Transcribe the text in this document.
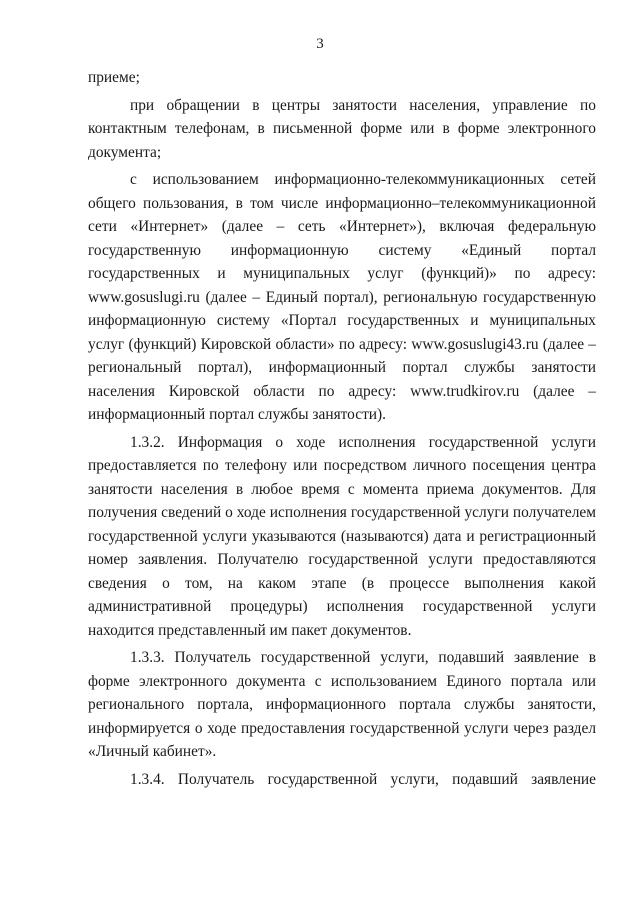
3

приеме;

при обращении в центры занятости населения, управление по контактным телефонам, в письменной форме или в форме электронного документа;

с использованием информационно-телекоммуникационных сетей общего пользования, в том числе информационно–телекоммуникационной сети «Интернет» (далее – сеть «Интернет»), включая федеральную государственную информационную систему «Единый портал государственных и муниципальных услуг (функций)» по адресу: www.gosuslugi.ru (далее – Единый портал), региональную государственную информационную систему «Портал государственных и муниципальных услуг (функций) Кировской области» по адресу: www.gosuslugi43.ru (далее – региональный портал), информационный портал службы занятости населения Кировской области по адресу: www.trudkirov.ru (далее – информационный портал службы занятости).

1.3.2. Информация о ходе исполнения государственной услуги предоставляется по телефону или посредством личного посещения центра занятости населения в любое время с момента приема документов. Для получения сведений о ходе исполнения государственной услуги получателем государственной услуги указываются (называются) дата и регистрационный номер заявления. Получателю государственной услуги предоставляются сведения о том, на каком этапе (в процессе выполнения какой административной процедуры) исполнения государственной услуги находится представленный им пакет документов.

1.3.3. Получатель государственной услуги, подавший заявление в форме электронного документа с использованием Единого портала или регионального портала, информационного портала службы занятости, информируется о ходе предоставления государственной услуги через раздел «Личный кабинет».

1.3.4. Получатель государственной услуги, подавший заявление
